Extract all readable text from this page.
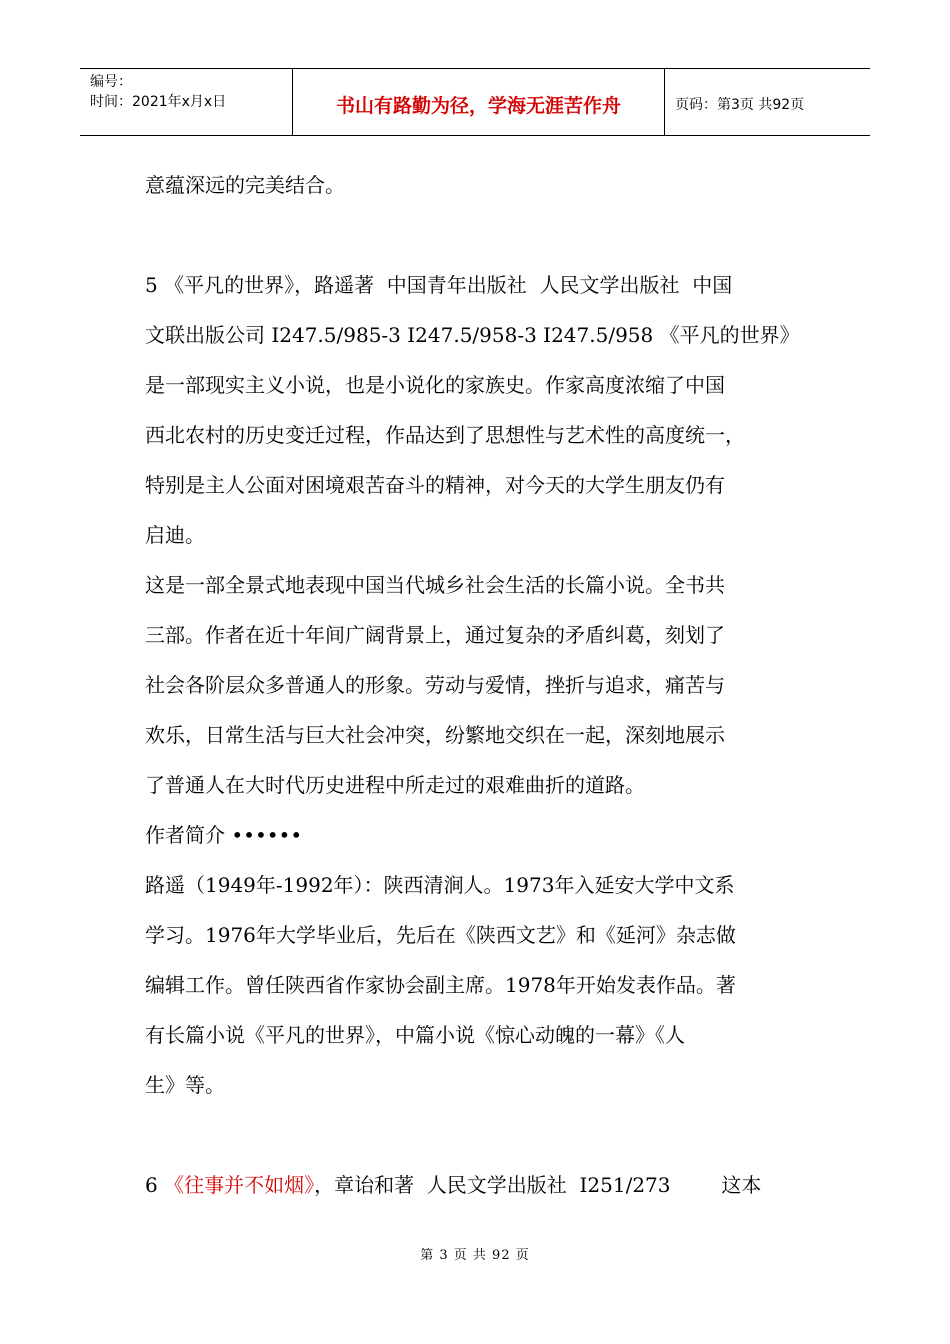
编号：
时间：2021年x月x日	书山有路勤为径，学海无涯苦作舟	页码：第3页 共92页

意蕴深远的完美结合。

5 《平凡的世界》，路遥著  中国青年出版社  人民文学出版社  中国

文联出版公司 I247.5/985-3 I247.5/958-3 I247.5/958 《平凡的世界》

是一部现实主义小说，也是小说化的家族史。作家高度浓缩了中国

西北农村的历史变迁过程，作品达到了思想性与艺术性的高度统一，

特别是主人公面对困境艰苦奋斗的精神，对今天的大学生朋友仍有

启迪。

这是一部全景式地表现中国当代城乡社会生活的长篇小说。全书共

三部。作者在近十年间广阔背景上，通过复杂的矛盾纠葛，刻划了

社会各阶层众多普通人的形象。劳动与爱情，挫折与追求，痛苦与

欢乐，日常生活与巨大社会冲突，纷繁地交织在一起，深刻地展示

了普通人在大时代历史进程中所走过的艰难曲折的道路。

作者简介 ••••••

路遥（1949年-1992年）：陕西清涧人。1973年入延安大学中文系

学习。1976年大学毕业后，先后在《陕西文艺》和《延河》杂志做

编辑工作。曾任陕西省作家协会副主席。1978年开始发表作品。著

有长篇小说《平凡的世界》，中篇小说《惊心动魄的一幕》《人

生》等。

6 《往事并不如烟》，章诒和著  人民文学出版社  I251/273        这本

第 3 页 共 92 页
